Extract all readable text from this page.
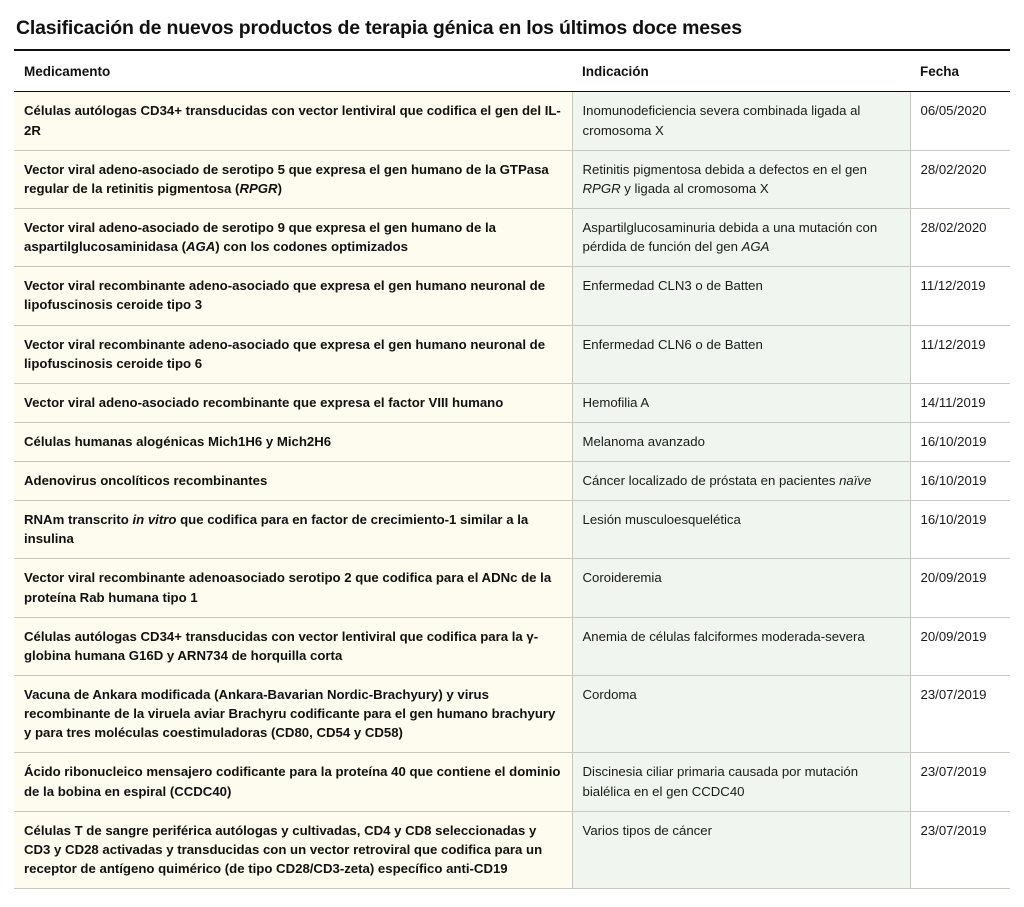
Clasificación de nuevos productos de terapia génica en los últimos doce meses
Medicamento	Indicación	Fecha
Células autólogas CD34+ transducidas con vector lentiviral que codifica el gen del IL-2R	Inomunodeficiencia severa combinada ligada al cromosoma X	06/05/2020
Vector viral adeno-asociado de serotipo 5 que expresa el gen humano de la GTPasa regular de la retinitis pigmentosa (RPGR)	Retinitis pigmentosa debida a defectos en el gen RPGR y ligada al cromosoma X	28/02/2020
Vector viral adeno-asociado de serotipo 9 que expresa el gen humano de la aspartilglucosaminidasa (AGA) con los codones optimizados	Aspartilglucosaminuria debida a una mutación con pérdida de función del gen AGA	28/02/2020
Vector viral recombinante adeno-asociado que expresa el gen humano neuronal de lipofuscinosis ceroide tipo 3	Enfermedad CLN3 o de Batten	11/12/2019
Vector viral recombinante adeno-asociado que expresa el gen humano neuronal de lipofuscinosis ceroide tipo 6	Enfermedad CLN6 o de Batten	11/12/2019
Vector viral adeno-asociado recombinante que expresa el factor VIII humano	Hemofilia A	14/11/2019
Células humanas alogénicas Mich1H6 y Mich2H6	Melanoma avanzado	16/10/2019
Adenovirus oncolíticos recombinantes	Cáncer localizado de próstata en pacientes naïve	16/10/2019
RNAm transcrito in vitro que codifica para en factor de crecimiento-1 similar a la insulina	Lesión musculoesquelética	16/10/2019
Vector viral recombinante adenoasociado serotipo 2 que codifica para el ADNc de la proteína Rab humana tipo 1	Coroideremia	20/09/2019
Células autólogas CD34+ transducidas con vector lentiviral que codifica para la γ-globina humana G16D y ARN734 de horquilla corta	Anemia de células falciformes moderada-severa	20/09/2019
Vacuna de Ankara modificada (Ankara-Bavarian Nordic-Brachyury) y virus recombinante de la viruela aviar Brachyru codificante para el gen humano brachyury y para tres moléculas coestimuladoras (CD80, CD54 y CD58)	Cordoma	23/07/2019
Ácido ribonucleico mensajero codificante para la proteína 40 que contiene el dominio de la bobina en espiral (CCDC40)	Discinesia ciliar primaria causada por mutación bialélica en el gen CCDC40	23/07/2019
Células T de sangre periférica autólogas y cultivadas, CD4 y CD8 seleccionadas y CD3 y CD28 activadas y transducidas con un vector retroviral que codifica para un receptor de antígeno quimérico (de tipo CD28/CD3-zeta) específico anti-CD19	Varios tipos de cáncer	23/07/2019
